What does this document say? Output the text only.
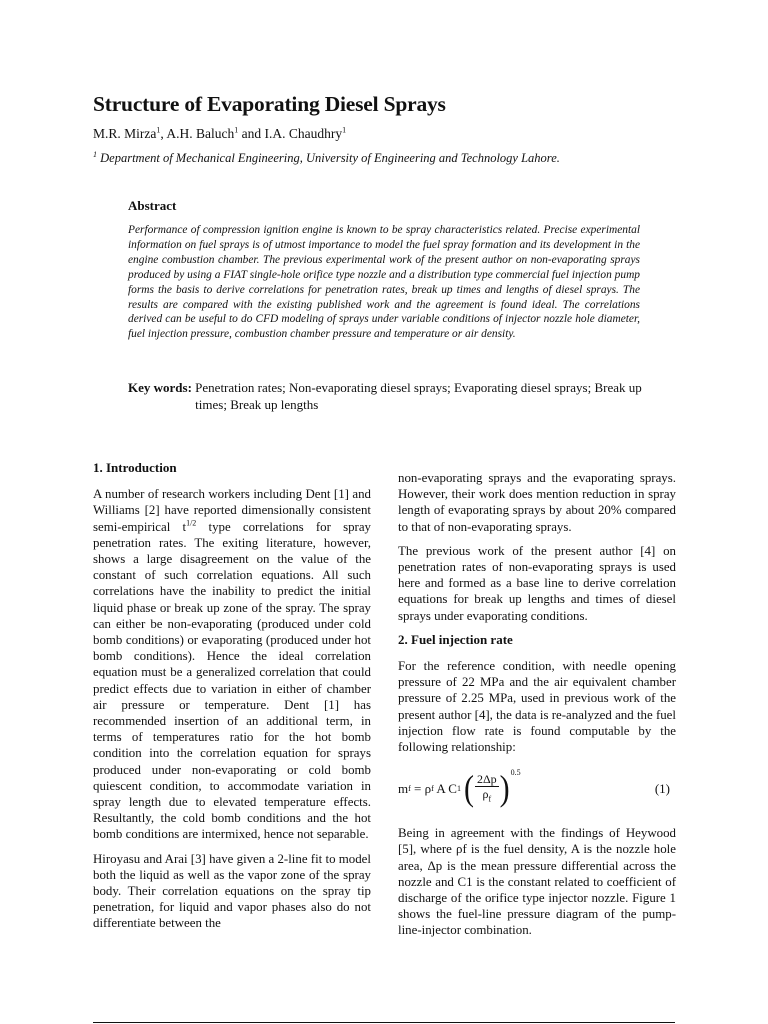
Structure of Evaporating Diesel Sprays
M.R. Mirza$^1$, A.H. Baluch$^1$ and I.A. Chaudhry$^1$
$^1$ Department of Mechanical Engineering, University of Engineering and Technology Lahore.
Abstract
Performance of compression ignition engine is known to be spray characteristics related. Precise experimental information on fuel sprays is of utmost importance to model the fuel spray formation and its development in the engine combustion chamber. The previous experimental work of the present author on non-evaporating sprays produced by using a FIAT single-hole orifice type nozzle and a distribution type commercial fuel injection pump forms the basis to derive correlations for penetration rates, break up times and lengths of diesel sprays. The results are compared with the existing published work and the agreement is found ideal. The correlations derived can be useful to do CFD modeling of sprays under variable conditions of injector nozzle hole diameter, fuel injection pressure, combustion chamber pressure and temperature or air density.
Key words:
Penetration rates; Non-evaporating diesel sprays; Evaporating diesel sprays; Break up times; Break up lengths
1. Introduction

A number of research workers including Dent [1] and Williams [2] have reported dimensionally consistent semi-empirical $t^{1/2}$ type correlations for spray penetration rates. The exiting literature, however, shows a large disagreement on the value of the constant of such correlation equations. All such correlations have the inability to predict the initial liquid phase or break up zone of the spray. The spray can either be non-evaporating (produced under cold bomb conditions) or evaporating (produced under hot bomb conditions). Hence the ideal correlation equation must be a generalized correlation that could predict effects due to variation in either of chamber air pressure or temperature. Dent [1] has recommended insertion of an additional term, in terms of temperatures ratio for the hot bomb condition into the correlation equation for sprays produced under non-evaporating or cold bomb quiescent condition, to accommodate variation in spray length due to elevated temperature effects. Resultantly, the cold bomb conditions and the hot bomb conditions are intermixed, hence not separable.

Hiroyasu and Arai [3] have given a 2-line fit to model both the liquid as well as the vapor zone of the spray body. Their correlation equations on the spray tip penetration, for liquid and vapor phases also do not differentiate between the

non-evaporating sprays and the evaporating sprays. However, their work does mention reduction in spray length of evaporating sprays by about 20% compared to that of non-evaporating sprays.

The previous work of the present author [4] on penetration rates of non-evaporating sprays is used here and formed as a base line to derive correlation equations for break up lengths and times of diesel sprays under evaporating conditions.

2. Fuel injection rate

For the reference condition, with needle opening pressure of 22 MPa and the air equivalent chamber pressure of 2.25 MPa, used in previous work of the present author [4], the data is re-analyzed and the fuel injection flow rate is found computable by the following relationship:

m f = ρ f A C 1 ( $\frac{2\Delta p}{\rho_f}$ ) 0.5
(1)

Being in agreement with the findings of Heywood [5], where ρf is the fuel density, A is the nozzle hole area, Δp is the mean pressure differential across the nozzle and C1 is the constant related to coefficient of discharge of the orifice type injector nozzle. Figure 1 shows the fuel-line pressure diagram of the pump-line-injector combination.
